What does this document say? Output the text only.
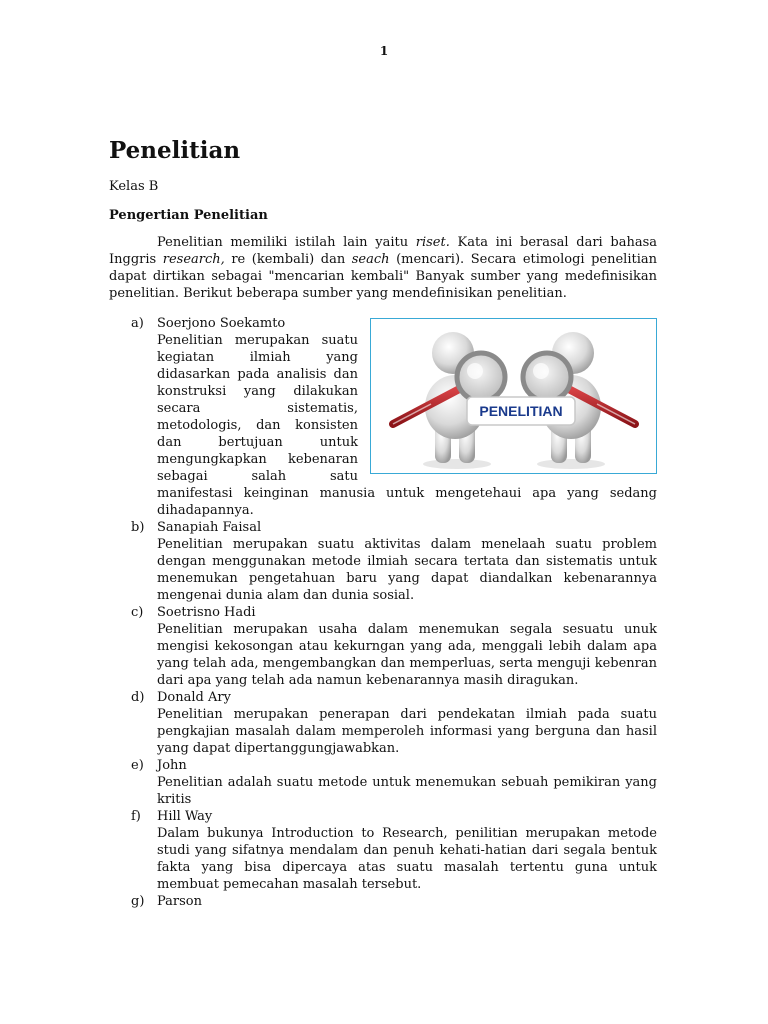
1
Penelitian
Kelas B
Pengertian Penelitian

Penelitian memiliki istilah lain yaitu riset. Kata ini berasal dari bahasa Inggris research, re (kembali) dan seach (mencari). Secara etimologi penelitian dapat dirtikan sebagai "mencarian kembali" Banyak sumber yang medefinisikan penelitian. Berikut beberapa sumber yang mendefinisikan penelitian.

a)
PENELITIAN
Soerjono Soekamto
Penelitian merupakan suatu kegiatan ilmiah yang didasarkan pada analisis dan konstruksi yang dilakukan secara sistematis, metodologis, dan konsisten dan bertujuan untuk mengungkapkan kebenaran sebagai salah satu manifestasi keinginan manusia untuk mengetehaui apa yang sedang dihadapannya.
b) Sanapiah Faisal
Penelitian merupakan suatu aktivitas dalam menelaah suatu problem dengan menggunakan metode ilmiah secara tertata dan sistematis untuk menemukan pengetahuan baru yang dapat diandalkan kebenarannya mengenai dunia alam dan dunia sosial.
c) Soetrisno Hadi
Penelitian merupakan usaha dalam menemukan segala sesuatu unuk mengisi kekosongan atau kekurngan yang ada, menggali lebih dalam apa yang telah ada, mengembangkan dan memperluas, serta menguji kebenran dari apa yang telah ada namun kebenarannya masih diragukan.
d) Donald Ary
Penelitian merupakan penerapan dari pendekatan ilmiah pada suatu pengkajian masalah dalam memperoleh informasi yang berguna dan hasil yang dapat dipertanggungjawabkan.
e) John
Penelitian adalah suatu metode untuk menemukan sebuah pemikiran yang kritis
f) Hill Way
Dalam bukunya Introduction to Research, penilitian merupakan metode studi yang sifatnya mendalam dan penuh kehati-hatian dari segala bentuk fakta yang bisa dipercaya atas suatu masalah tertentu guna untuk membuat pemecahan masalah tersebut.
g) Parson
